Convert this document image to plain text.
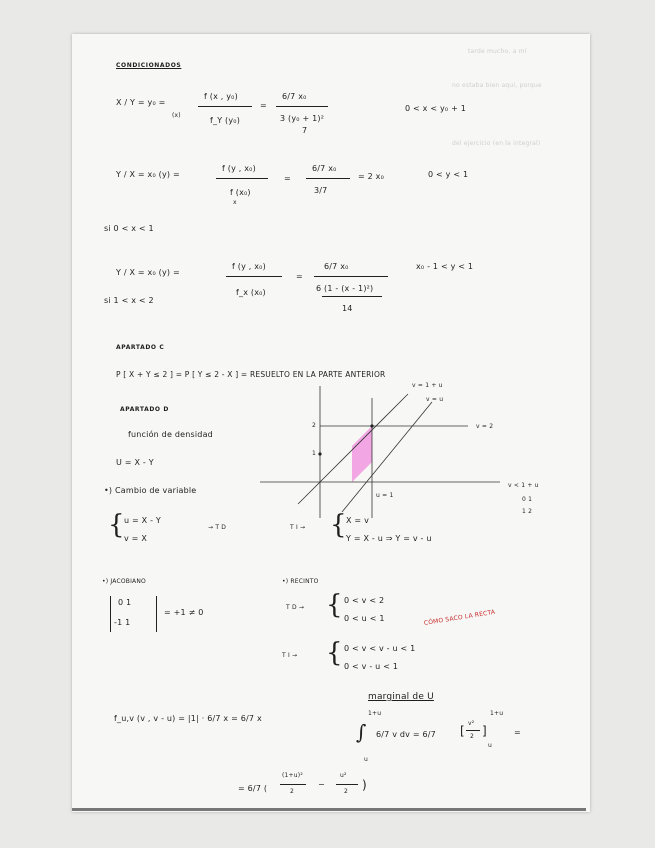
tarde mucho, a mí
no estaba bien aquí, porque
del ejercicio (en la integral)
CONDICIONADOS
X / Y = y₀ =
(x)
f (x , y₀)
f_Y (y₀)
=
6/7 x₀
3 (y₀ + 1)²
7
0 < x < y₀ + 1
Y / X = x₀ (y) =
f (y , x₀)
f (x₀)
x
=
6/7 x₀
3/7
= 2 x₀	0 < y < 1
si 0 < x < 1
Y / X = x₀ (y) =
f (y , x₀)
f_x (x₀)
=
6/7 x₀
6 (1 - (x - 1)²)
14
x₀ - 1 < y < 1
si 1 < x < 2
APARTADO C
P [ X + Y ≤ 2 ] = P [ Y ≤ 2 - X ] = RESUELTO EN LA PARTE ANTERIOR
APARTADO D
función de densidad
U = X - Y
v = 1 + u
v = u
v = 2
2
1
u = 1
v < 1 + u
0 1
1 2
•) Cambio de variable
{ u = X - Y
v = X
→ T D	T I → { X = v
Y = X - u ⇒ Y = v - u
•) JACOBIANO
0 1
-1 1
= +1 ≠ 0
•) RECINTO
T D → { 0 < v < 2
0 < u < 1	CÓMO SACO LA RECTA
T I → { 0 < v < v - u < 1
0 < v - u < 1
marginal de U
f_u,v (v , v - u) = |1| · 6/7 x = 6/7 x
1+u
∫
u
6/7 v dv = 6/7 [
v²
2 ]
1+u
u
=
= 6/7 (
(1+u)²
2
−
u²
2 )
